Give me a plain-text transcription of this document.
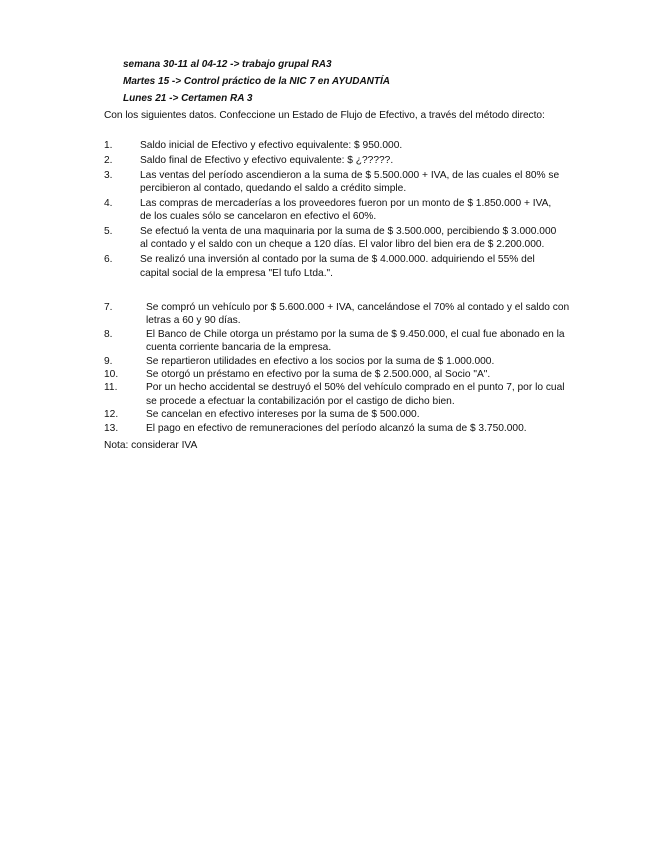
semana 30-11 al 04-12 -> trabajo grupal RA3
Martes 15 -> Control práctico de la NIC 7 en AYUDANTÍA
Lunes 21 -> Certamen RA 3
Con los siguientes datos. Confeccione un Estado de Flujo de Efectivo, a través del método directo:
1.	Saldo inicial de Efectivo y efectivo equivalente: $ 950.000.
2.	Saldo final de Efectivo y efectivo equivalente: $ ¿?????.
3.	Las ventas del período ascendieron a la suma de $ 5.500.000 + IVA, de las cuales el 80% se
percibieron al contado, quedando el saldo a crédito simple.
4.	Las compras de mercaderías a los proveedores fueron por un monto de $ 1.850.000 + IVA,
de los cuales sólo se cancelaron en efectivo el 60%.
5.	Se efectuó la venta de una maquinaria por la suma de $ 3.500.000, percibiendo $ 3.000.000
al contado y el saldo con un cheque a 120 días. El valor libro del bien era de $ 2.200.000.
6.	Se realizó una inversión al contado por la suma de $ 4.000.000. adquiriendo el 55% del
capital social de la empresa "El tufo Ltda.".
7.	Se compró un vehículo por $ 5.600.000 + IVA, cancelándose el 70% al contado y el saldo con
letras a 60 y 90 días.
8.	El Banco de Chile otorga un préstamo por la suma de $ 9.450.000, el cual fue abonado en la
cuenta corriente bancaria de la empresa.
9.	Se repartieron utilidades en efectivo a los socios por la suma de $ 1.000.000.
10.	Se otorgó un préstamo en efectivo por la suma de $ 2.500.000, al Socio "A".
11.	Por un hecho accidental se destruyó el 50% del vehículo comprado en el punto 7, por lo cual
se procede a efectuar la contabilización por el castigo de dicho bien.
12.	Se cancelan en efectivo intereses por la suma de $ 500.000.
13.	El pago en efectivo de remuneraciones del período alcanzó la suma de $ 3.750.000.
Nota: considerar IVA
